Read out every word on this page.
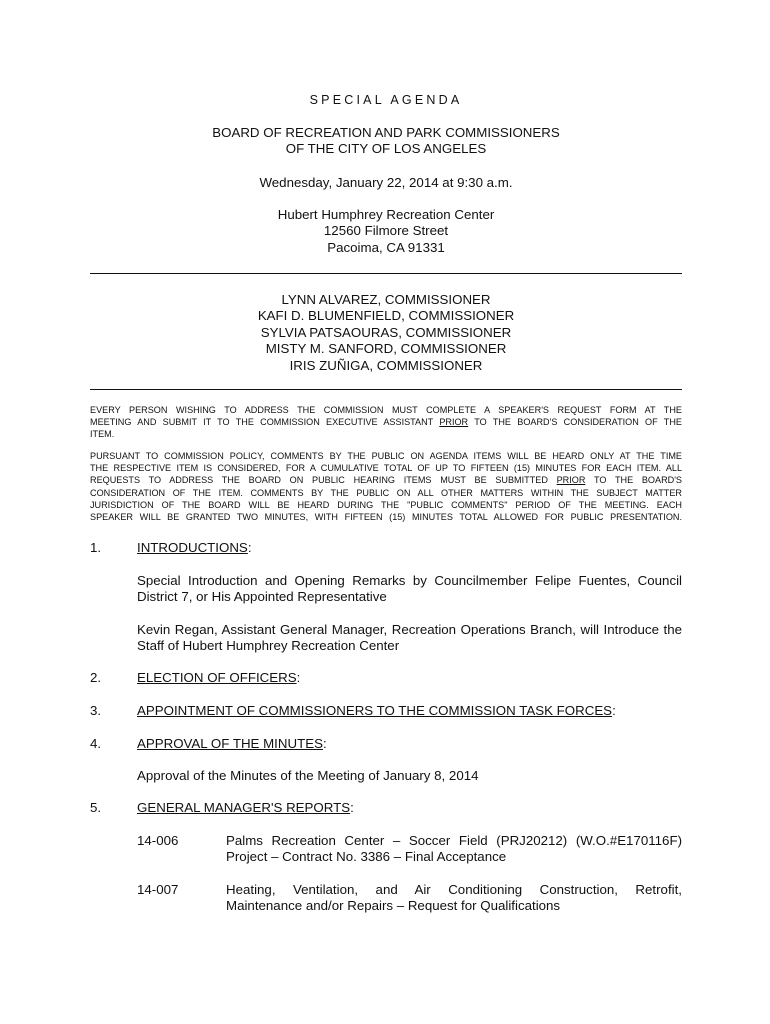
SPECIAL AGENDA
BOARD OF RECREATION AND PARK COMMISSIONERS
OF THE CITY OF LOS ANGELES
Wednesday, January 22, 2014 at 9:30 a.m.
Hubert Humphrey Recreation Center
12560 Filmore Street
Pacoima, CA 91331
LYNN ALVAREZ, COMMISSIONER
KAFI D. BLUMENFIELD, COMMISSIONER
SYLVIA PATSAOURAS, COMMISSIONER
MISTY M. SANFORD, COMMISSIONER
IRIS ZUÑIGA, COMMISSIONER
EVERY PERSON WISHING TO ADDRESS THE COMMISSION MUST COMPLETE A SPEAKER'S REQUEST FORM AT THE
MEETING AND SUBMIT IT TO THE COMMISSION EXECUTIVE ASSISTANT PRIOR TO THE BOARD'S CONSIDERATION OF THE
ITEM.
PURSUANT TO COMMISSION POLICY, COMMENTS BY THE PUBLIC ON AGENDA ITEMS WILL BE HEARD ONLY AT THE TIME
THE RESPECTIVE ITEM IS CONSIDERED, FOR A CUMULATIVE TOTAL OF UP TO FIFTEEN (15) MINUTES FOR EACH ITEM. ALL
REQUESTS TO ADDRESS THE BOARD ON PUBLIC HEARING ITEMS MUST BE SUBMITTED PRIOR TO THE BOARD'S
CONSIDERATION OF THE ITEM. COMMENTS BY THE PUBLIC ON ALL OTHER MATTERS WITHIN THE SUBJECT MATTER
JURISDICTION OF THE BOARD WILL BE HEARD DURING THE "PUBLIC COMMENTS" PERIOD OF THE MEETING. EACH
SPEAKER WILL BE GRANTED TWO MINUTES, WITH FIFTEEN (15) MINUTES TOTAL ALLOWED FOR PUBLIC PRESENTATION.
1.	INTRODUCTIONS:
Special Introduction and Opening Remarks by Councilmember Felipe Fuentes, Council
District 7, or His Appointed Representative
Kevin Regan, Assistant General Manager, Recreation Operations Branch, will Introduce the
Staff of Hubert Humphrey Recreation Center
2.	ELECTION OF OFFICERS:
3.	APPOINTMENT OF COMMISSIONERS TO THE COMMISSION TASK FORCES:
4.	APPROVAL OF THE MINUTES:
Approval of the Minutes of the Meeting of January 8, 2014
5.	GENERAL MANAGER'S REPORTS:
14-006	Palms Recreation Center – Soccer Field (PRJ20212) (W.O.#E170116F)
Project – Contract No. 3386 – Final Acceptance
14-007	Heating, Ventilation, and Air Conditioning Construction, Retrofit,
Maintenance and/or Repairs – Request for Qualifications
